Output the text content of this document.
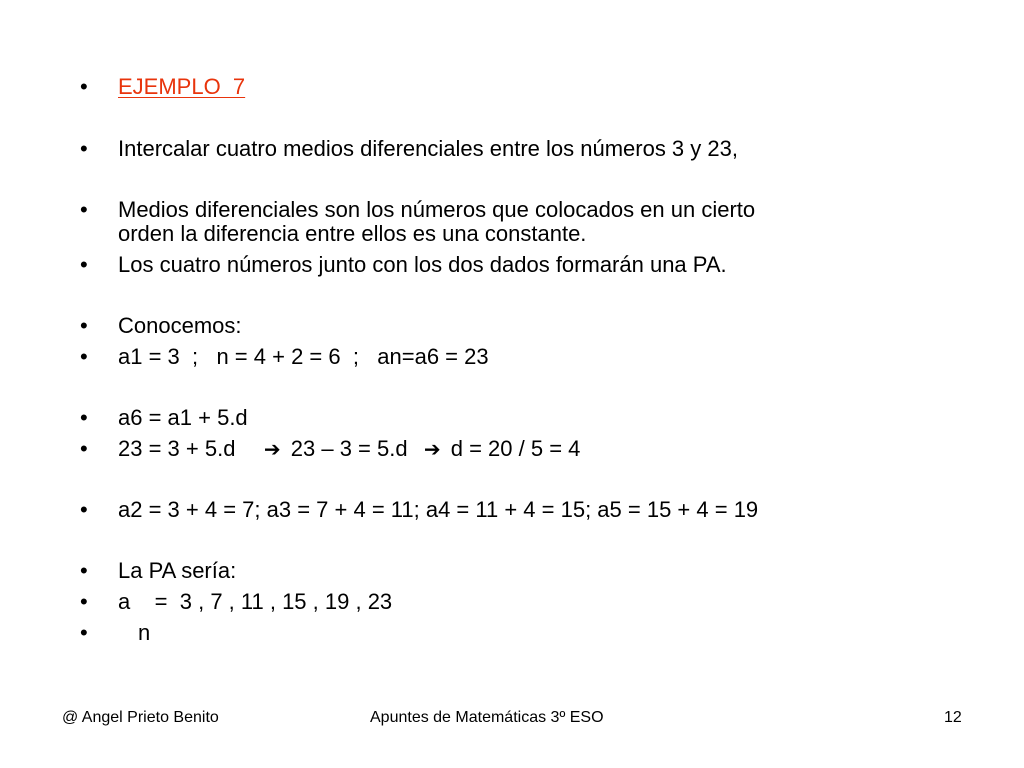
•	EJEMPLO  7
•	Intercalar cuatro medios diferenciales entre los números 3 y 23,
•	Medios diferenciales son los números que colocados en un cierto
orden la diferencia entre ellos es una constante.
•	Los cuatro números junto con los dos dados formarán una PA.
•	Conocemos:
•	a1 = 3  ;   n = 4 + 2 = 6  ;   an=a6 = 23
•	a6 = a1 + 5.d
•	23 = 3 + 5.d ➔ 23 – 3 = 5.d ➔ d = 20 / 5 = 4
•	a2 = 3 + 4 = 7; a3 = 7 + 4 = 11; a4 = 11 + 4 = 15; a5 = 15 + 4 = 19
•	La PA sería:
•	a    =  3 , 7 , 11 , 15 , 19 , 23
•	n
@ Angel Prieto Benito	Apuntes de Matemáticas 3º ESO	12
